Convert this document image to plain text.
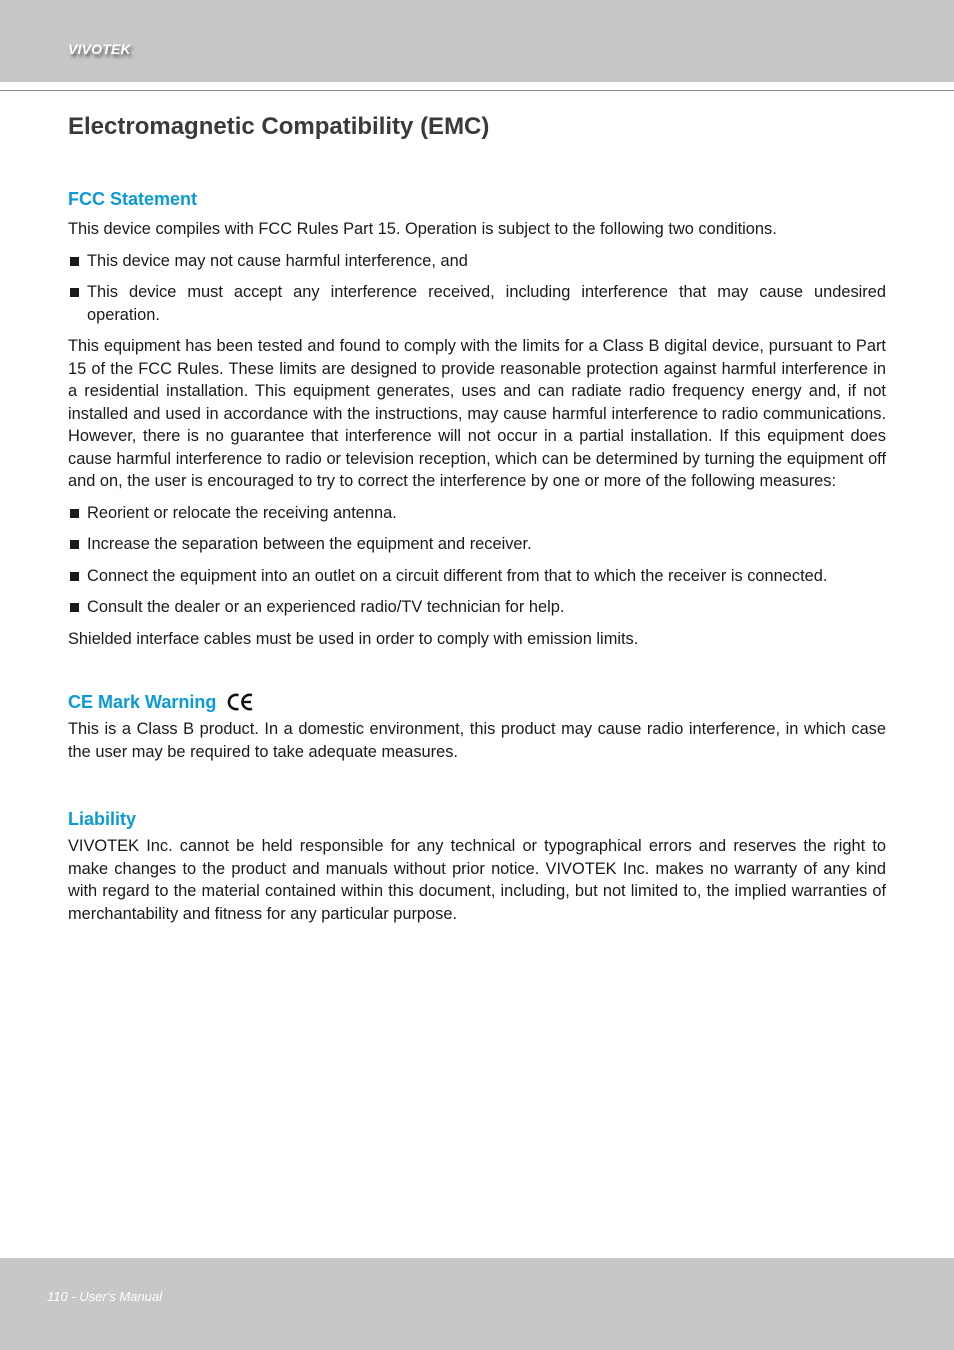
VIVOTEK
Electromagnetic Compatibility (EMC)
FCC Statement

This device compiles with FCC Rules Part 15. Operation is subject to the following two conditions.

This device may not cause harmful interference, and
This device must accept any interference received, including interference that may cause undesired operation.

This equipment has been tested and found to comply with the limits for a Class B digital device, pursuant to Part 15 of the FCC Rules. These limits are designed to provide reasonable protection against harmful interference in a residential installation. This equipment generates, uses and can radiate radio frequency energy and, if not installed and used in accordance with the instructions, may cause harmful interference to radio communications. However, there is no guarantee that interference will not occur in a partial installation. If this equipment does cause harmful interference to radio or television reception, which can be determined by turning the equipment off and on, the user is encouraged to try to correct the interference by one or more of the following measures:

Reorient or relocate the receiving antenna.
Increase the separation between the equipment and receiver.
Connect the equipment into an outlet on a circuit different from that to which the receiver is connected.
Consult the dealer or an experienced radio/TV technician for help.

Shielded interface cables must be used in order to comply with emission limits.

CE Mark Warning

This is a Class B product. In a domestic environment, this product may cause radio interference, in which case the user may be required to take adequate measures.

Liability

VIVOTEK Inc. cannot be held responsible for any technical or typographical errors and reserves the right to make changes to the product and manuals without prior notice. VIVOTEK Inc. makes no warranty of any kind with regard to the material contained within this document, including, but not limited to, the implied warranties of merchantability and fitness for any particular purpose.

110 - User's Manual
